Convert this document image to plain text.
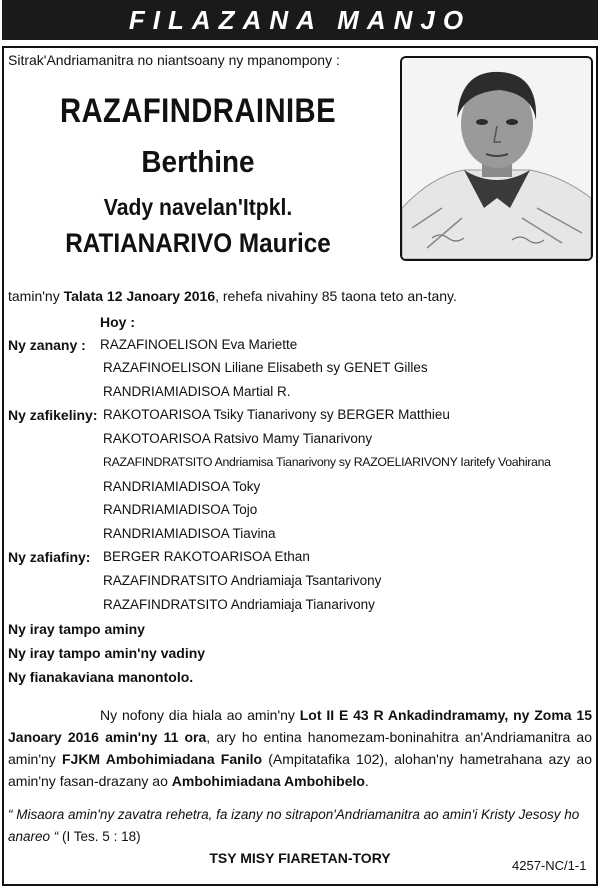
FILAZANA MANJO
Sitrak'Andriamanitra no niantsoany ny mpanompony :
RAZAFINDRAINIBE
Berthine
Vady navelan'Itpkl.
RATIANARIVO Maurice
tamin'ny Talata 12 Janoary 2016, rehefa nivahiny 85 taona teto an-tany.
Hoy :
Ny zanany : RAZAFINOELISON Eva Mariette
RAZAFINOELISON Liliane Elisabeth sy GENET Gilles
RANDRIAMIADISOA Martial R.
Ny zafikeliny: RAKOTOARISOA Tsiky Tianarivony sy BERGER Matthieu
RAKOTOARISOA Ratsivo Mamy Tianarivony
RAZAFINDRATSITO Andriamisa Tianarivony sy RAZOELIARIVONY Iaritefy Voahirana
RANDRIAMIADISOA Toky
RANDRIAMIADISOA Tojo
RANDRIAMIADISOA Tiavina
Ny zafiafiny: BERGER RAKOTOARISOA Ethan
RAZAFINDRATSITO Andriamiaja Tsantarivony
RAZAFINDRATSITO Andriamiaja Tianarivony
Ny iray tampo aminy
Ny iray tampo amin'ny vadiny
Ny fianakaviana manontolo.
Ny nofony dia hiala ao amin'ny Lot II E 43 R Ankadindramamy, ny Zoma 15 Janoary 2016 amin'ny 11 ora, ary ho entina hanomezam-boninahitra an'Andriamanitra ao amin'ny FJKM Ambohimiadana Fanilo (Ampitatafika 102), alohan'ny hametrahana azy ao amin'ny fasan-drazany ao Ambohimiadana Ambohibelo.
“ Misaora amin'ny zavatra rehetra, fa izany no sitrapon'Andriamanitra ao amin'i Kristy Jesosy ho anareo “ (I Tes. 5 : 18)
TSY MISY FIARETAN-TORY	4257-NC/1-1
